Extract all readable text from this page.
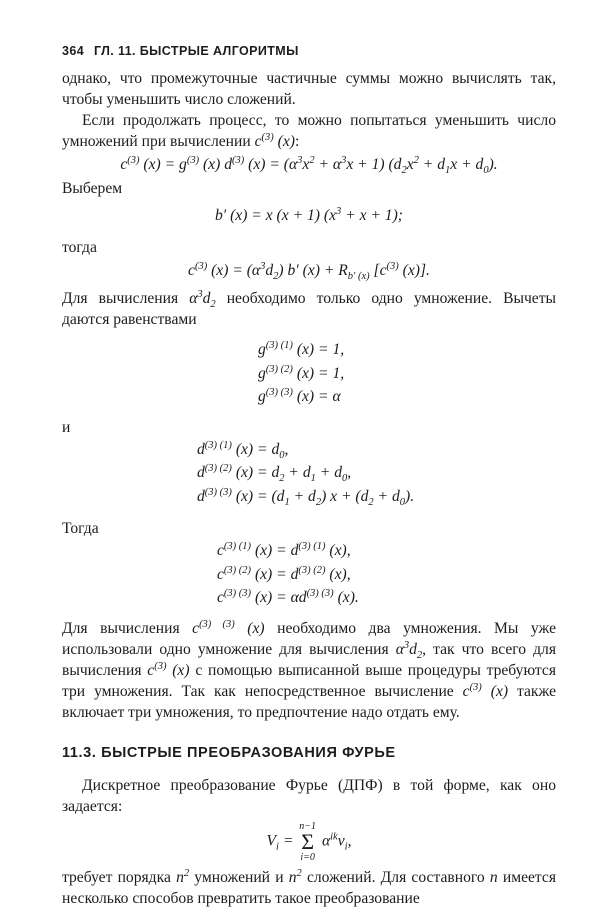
364 ГЛ. 11. БЫСТРЫЕ АЛГОРИТМЫ

однако, что промежуточные частичные суммы можно вычислять так, чтобы уменьшить число сложений.

Если продолжать процесс, то можно попытаться уменьшить число умножений при вычислении $c^{(3)}$ (x):

$c^{(3)}$ $(x) = g^{(3)}$ (x) $d^{(3)}$ $(x) = (\alpha^3x^2 + \alpha^3x + 1) (d_2x^2 + d_1x + d_0)$.
Выберем
b′ (x) = x (x + 1) $(x^3 + x + 1)$;
тогда
$c^{(3)}$ $(x) = (\alpha^3d_2)$ b′ $(x) + R_{b' (x)}$ [$c^{(3)}$ (x)].

Для вычисления $\alpha^3d_2$ необходимо только одно умножение. Вычеты даются равенствами

$g^{(3) (1)}$ (x) = 1,
$g^{(3) (2)}$ (x) = 1,
$g^{(3) (3)}$ (x) = α
и
$d^{(3) (1)}$ $(x) = d_0$,
$d^{(3) (2)}$ $(x) = d_2 + d_1 + d_0$,
$d^{(3) (3)}$ $(x) = (d_1 + d_2) x + (d_2 + d_0)$.
Тогда
$c^{(3) (1)}$ $(x) = d^{(3) (1)}$ (x),
$c^{(3) (2)}$ $(x) = d^{(3) (2)}$ (x),
$c^{(3) (3)}$ $(x) = \alpha d^{(3) (3)}$ (x).

Для вычисления $c^{(3) (3)}$ (x) необходимо два умножения. Мы уже использовали одно умножение для вычисления $\alpha^3d_2$, так что всего для вычисления $c^{(3)}$ (x) с помощью выписанной выше процедуры требуются три умножения. Так как непосредственное вычисление $c^{(3)}$ (x) также включает три умножения, то предпочтение надо отдать ему.

11.3. БЫСТРЫЕ ПРЕОБРАЗОВАНИЯ ФУРЬЕ

Дискретное преобразование Фурье (ДПФ) в той форме, как оно задается:

$V_i$ =
n−1
Σ
i=0
$\alpha^{ik}v_i$,

требует порядка $n^2$ умножений и $n^2$ сложений. Для составного n имеется несколько способов превратить такое преобразование
